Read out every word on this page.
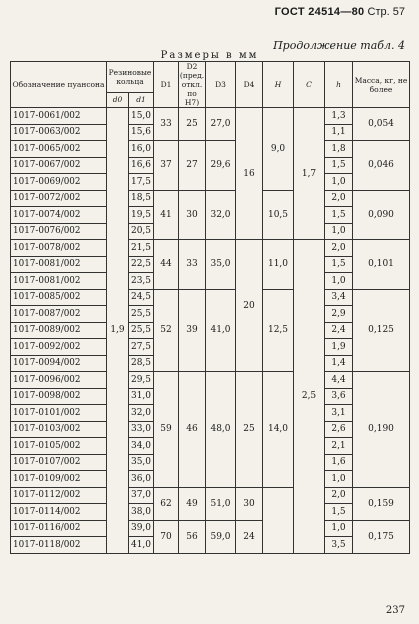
ГОСТ 24514—80 Стр. 57
Продолжение табл. 4
Размеры в мм
Обозначение пуансона	Резиновые кольца		D1	D2 (пред. откл. по H7)	D3	D4	H	C	h	Масса, кг, не более
	d0	d1								
1017-0061/002	1,9	15,0	33	25	27,0	16	9,0	1,7	1,3	0,054
1017-0063/002		15,6							1,1	
1017-0065/002		16,0	37	27	29,6				1,8	0,046
1017-0067/002		16,6							1,5	
1017-0069/002		17,5							1,0	
1017-0072/002		18,5	41	30	32,0		10,5		2,0	0,090
1017-0074/002		19,5							1,5	
1017-0076/002		20,5							1,0	
1017-0078/002		21,5	44	33	35,0	20	11,0	2,5	2,0	0,101
1017-0081/002		22,5							1,5	
1017-0081/002		23,5							1,0	
1017-0085/002		24,5	52	39	41,0		12,5		3,4	0,125
1017-0087/002		25,5							2,9	
1017-0089/002		25,5							2,4	
1017-0092/002		27,5							1,9	
1017-0094/002		28,5							1,4	
1017-0096/002		29,5	59	46	48,0	25	14,0		4,4	0,190
1017-0098/002		31,0							3,6	
1017-0101/002		32,0							3,1	
1017-0103/002		33,0							2,6	
1017-0105/002		34,0							2,1	
1017-0107/002		35,0							1,6	
1017-0109/002		36,0							1,0	
1017-0112/002		37,0	62	49	51,0	30			2,0	0,159
1017-0114/002		38,0							1,5	
1017-0116/002		39,0	70	56	59,0	24			1,0	0,175
1017-0118/002		41,0							3,5	
237
